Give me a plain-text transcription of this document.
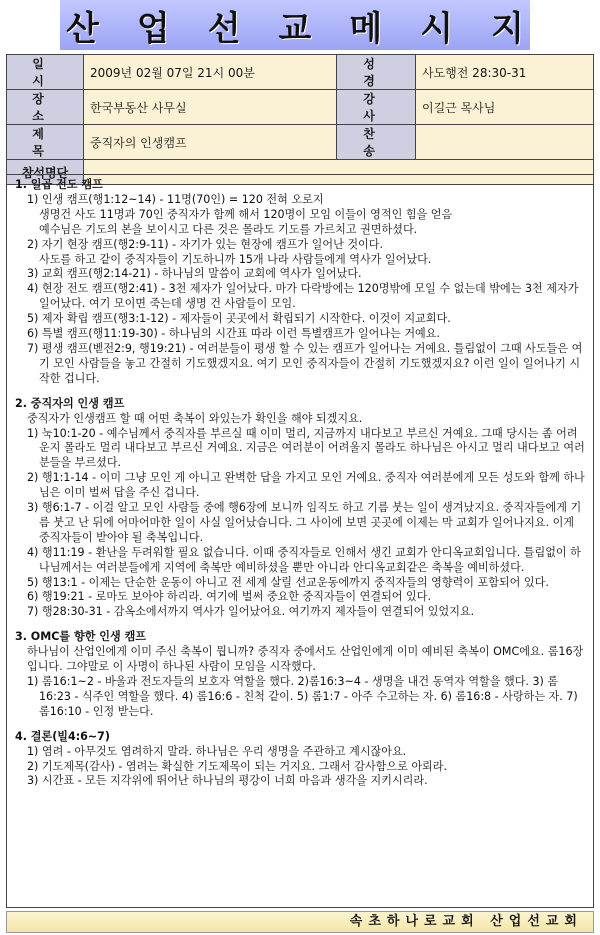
산 업 선 교 메 시 지
일 시	2009년 02월 07일 21시 00분	성 경	사도행전 28:30-31
장 소	한국부동산 사무실	강 사	이길근 목사님
제 목	중직자의 인생캠프	찬 송	
참석명단			
1. 일곱 전도 캠프
1) 인생 캠프(행1:12~14) - 11명(70인) = 120 전혀 오로지
생명건 사도 11명과 70인 중직자가 함께 해서 120명이 모임 이들이 영적인 힘을 얻음
예수님은 기도의 본을 보이시고 다른 것은 몰라도 기도를 가르치고 권면하셨다.
2) 자기 현장 캠프(행2:9-11) - 자기가 있는 현장에 캠프가 일어난 것이다.
사도를 하고 같이 중직자들이 기도하니까 15개 나라 사람들에게 역사가 일어났다.
3) 교회 캠프(행2:14-21) - 하나님의 말씀이 교회에 역사가 일어났다.
4) 현장 전도 캠프(행2:41) - 3천 제자가 일어났다. 마가 다락방에는 120명밖에 모일 수 없는데 밖에는 3천 제자가 일어났다. 여기 모이면 죽는데 생명 건 사람들이 모임.
5) 제자 확립 캠프(행3:1-12) - 제자들이 곳곳에서 확립되기 시작한다. 이것이 지교회다.
6) 특별 캠프(행11:19-30) - 하나님의 시간표 따라 이런 특별캠프가 일어나는 거예요.
7) 평생 캠프(벧전2:9, 행19:21) - 여러분들이 평생 할 수 있는 캠프가 일어나는 거예요. 틀림없이 그때 사도들은 여기 모인 사람들을 놓고 간절히 기도했겠지요. 여기 모인 중직자들이 간절히 기도했겠지요? 이런 일이 일어나기 시작한 겁니다.
2. 중직자의 인생 캠프
중직자가 인생캠프 할 때 어떤 축복이 와있는가 확인을 해야 되겠지요.
1) 눅10:1-20 - 예수님께서 중직자를 부르실 때 이미 멀리, 지금까지 내다보고 부르신 거예요. 그때 당시는 좀 어려운지 몰라도 멀리 내다보고 부르신 거예요. 지금은 여러분이 어려울지 몰라도 하나님은 아시고 멀리 내다보고 여러분들을 부르셨다.
2) 행1:1-14 - 이미 그냥 모인 게 아니고 완벽한 답을 가지고 모인 거예요. 중직자 여러분에게 모든 성도와 함께 하나님은 이미 벌써 답을 주신 겁니다.
3) 행6:1-7 - 이걸 알고 모인 사람들 중에 행6장에 보니까 임직도 하고 기름 붓는 일이 생겨났지요. 중직자들에게 기름 붓고 난 뒤에 어마어마한 일이 사실 일어났습니다. 그 사이에 보면 곳곳에 이제는 막 교회가 일어나지요. 이게 중직자들이 받아야 될 축복입니다.
4) 행11:19 - 환난을 두려워할 필요 없습니다. 이때 중직자들로 인해서 생긴 교회가 안디옥교회입니다. 틀림없이 하나님께서는 여러분들에게 지역에 축복만 예비하셨을 뿐만 아니라 안디옥교회같은 축복을 예비하셨다.
5) 행13:1 - 이제는 단순한 운동이 아니고 전 세계 살릴 선교운동에까지 중직자들의 영향력이 포함되어 있다.
6) 행19:21 - 로마도 보아야 하리라. 여기에 벌써 중요한 중직자들이 연결되어 있다.
7) 행28:30-31 - 감옥소에서까지 역사가 일어났어요. 여기까지 제자들이 연결되어 있었지요.
3. OMC를 향한 인생 캠프
하나님이 산업인에게 이미 주신 축복이 뭡니까? 중직자 중에서도 산업인에게 이미 예비된 축복이 OMC에요. 롬16장입니다. 그야말로 이 사명이 하나된 사람이 모임을 시작했다.
1) 롬16:1~2 - 바울과 전도자들의 보호자 역할을 했다. 2)롬16:3~4 - 생명을 내건 동역자 역할을 했다. 3) 롬16:23 - 식주인 역할을 했다. 4) 롬16:6 - 친척 같이. 5) 롬1:7 - 아주 수고하는 자. 6) 롬16:8 - 사랑하는 자. 7) 롬16:10 - 인정 받는다.
4. 결론(빌4:6~7)
1) 염려 - 아무것도 염려하지 말라. 하나님은 우리 생명을 주관하고 계시잖아요.
2) 기도제목(감사) - 염려는 확실한 기도제목이 되는 거지요. 그래서 감사함으로 아뢰라.
3) 시간표 - 모든 지각위에 뛰어난 하나님의 평강이 너희 마음과 생각을 지키시리라.
속초하나로교회 산업선교회
